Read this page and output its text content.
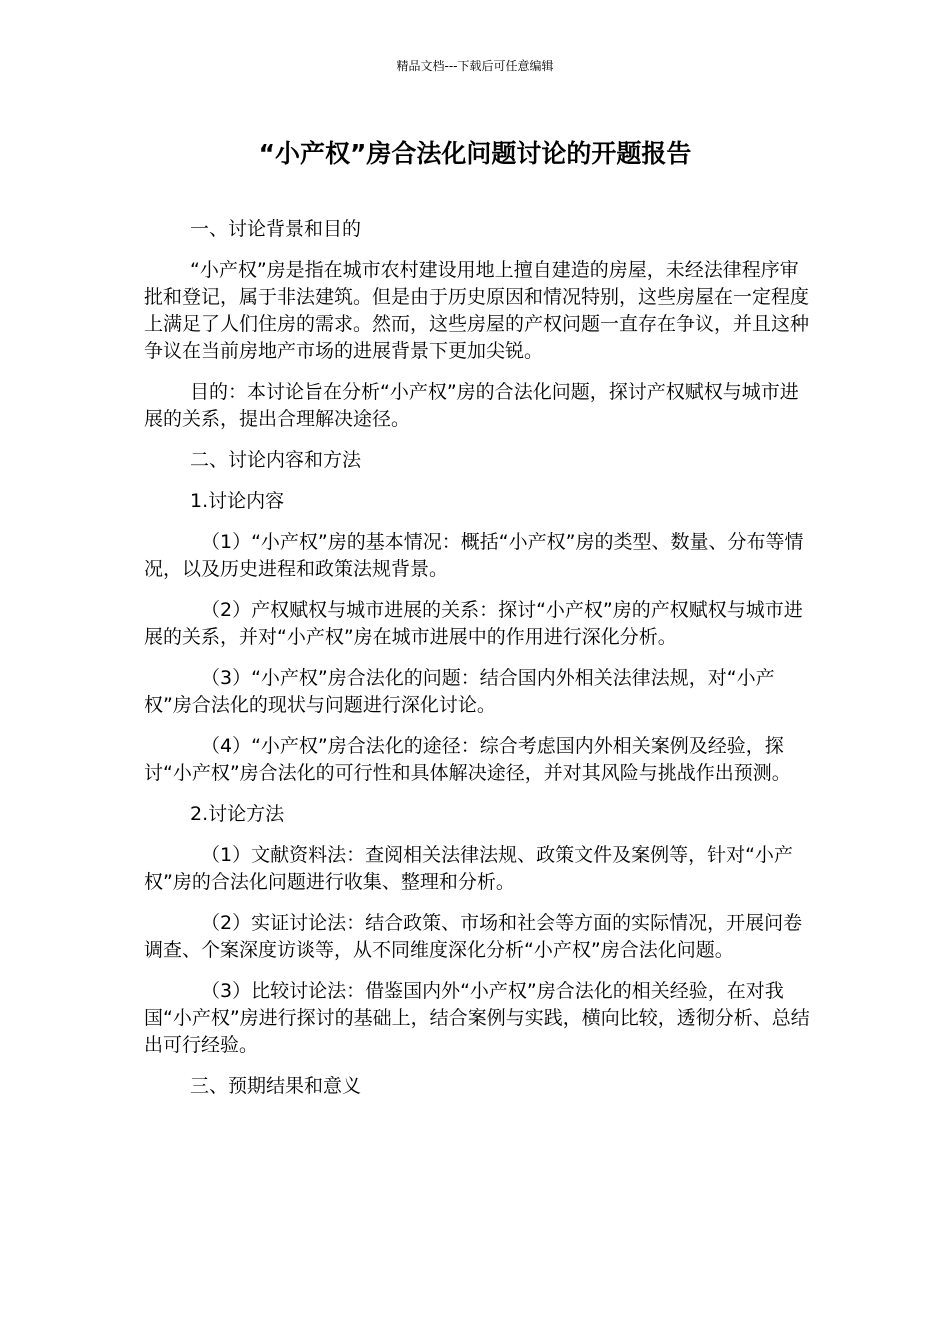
精品文档---下载后可任意编辑
“小产权”房合法化问题讨论的开题报告

一、讨论背景和目的

“小产权”房是指在城市农村建设用地上擅自建造的房屋，未经法律程序审批和登记，属于非法建筑。但是由于历史原因和情况特别，这些房屋在一定程度上满足了人们住房的需求。然而，这些房屋的产权问题一直存在争议，并且这种争议在当前房地产市场的进展背景下更加尖锐。

目的：本讨论旨在分析“小产权”房的合法化问题，探讨产权赋权与城市进展的关系，提出合理解决途径。

二、讨论内容和方法

1.讨论内容

（1）“小产权”房的基本情况：概括“小产权”房的类型、数量、分布等情况，以及历史进程和政策法规背景。

（2）产权赋权与城市进展的关系：探讨“小产权”房的产权赋权与城市进展的关系，并对“小产权”房在城市进展中的作用进行深化分析。

（3）“小产权”房合法化的问题：结合国内外相关法律法规，对“小产权”房合法化的现状与问题进行深化讨论。

（4）“小产权”房合法化的途径：综合考虑国内外相关案例及经验，探讨“小产权”房合法化的可行性和具体解决途径，并对其风险与挑战作出预测。

2.讨论方法

（1）文献资料法：查阅相关法律法规、政策文件及案例等，针对“小产权”房的合法化问题进行收集、整理和分析。

（2）实证讨论法：结合政策、市场和社会等方面的实际情况，开展问卷调查、个案深度访谈等，从不同维度深化分析“小产权”房合法化问题。

（3）比较讨论法：借鉴国内外“小产权”房合法化的相关经验，在对我国“小产权”房进行探讨的基础上，结合案例与实践，横向比较，透彻分析、总结出可行经验。

三、预期结果和意义
